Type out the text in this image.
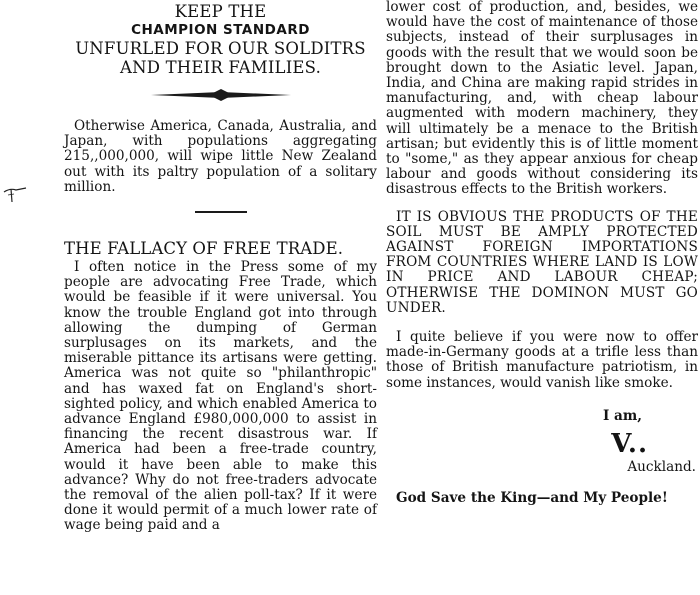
KEEP THE
CHAMPION STANDARD
UNFURLED FOR OUR SOLDITRS
AND THEIR FAMILIES.

Otherwise America, Canada, Australia, and Japan, with populations aggregating 215,,000,000, will wipe little New Zealand out with its paltry population of a solitary million.

THE FALLACY OF FREE TRADE.

I often notice in the Press some of my people are advocating Free Trade, which would be feasible if it were universal. You know the trouble England got into through allowing the dumping of German surplusages on its markets, and the miserable pittance its artisans were getting. America was not quite so "philanthropic" and has waxed fat on England's short-sighted policy, and which enabled America to advance England £980,000,000 to assist in financing the recent disastrous war. If America had been a free-trade country, would it have been able to make this advance? Why do not free-traders advocate the removal of the alien poll-tax? If it were done it would permit of a much lower rate of wage being paid and a

lower cost of production, and, besides, we would have the cost of maintenance of those subjects, instead of their surplusages in goods with the result that we would soon be brought down to the Asiatic level. Japan, India, and China are making rapid strides in manufacturing, and, with cheap labour augmented with modern machinery, they will ultimately be a menace to the British artisan; but evidently this is of little moment to "some," as they appear anxious for cheap labour and goods without considering its disastrous effects to the British workers.

IT IS OBVIOUS THE PRODUCTS OF THE SOIL MUST BE AMPLY PROTECTED AGAINST FOREIGN IMPORTATIONS FROM COUNTRIES WHERE LAND IS LOW IN PRICE AND LABOUR CHEAP; OTHERWISE THE DOMINON MUST GO UNDER.

I quite believe if you were now to offer made-in-Germany goods at a trifle less than those of British manufacture patriotism, in some instances, would vanish like smoke.

I am,
V..
Auckland.
God Save the King—and My People!
